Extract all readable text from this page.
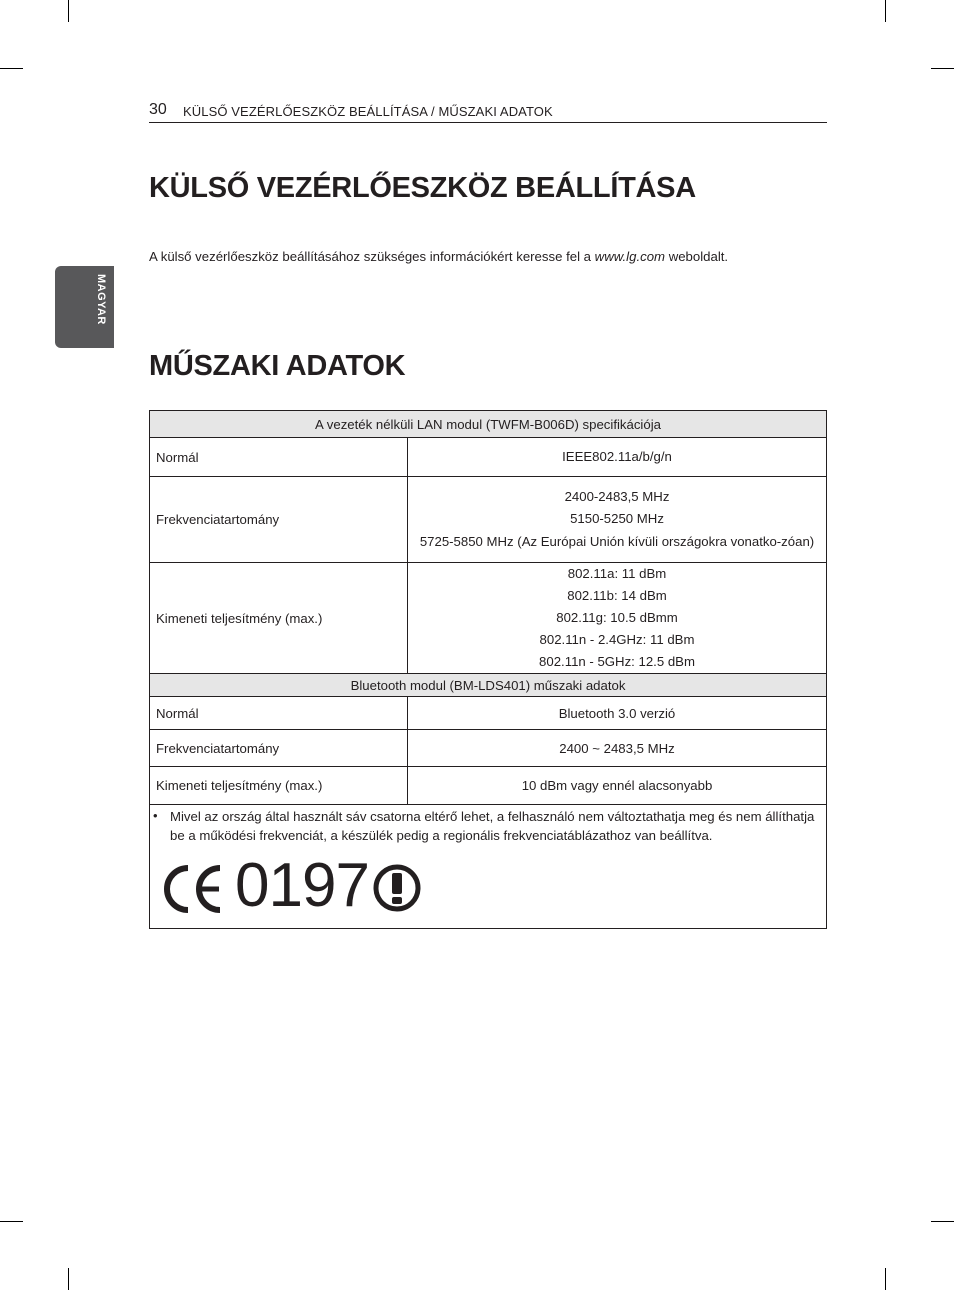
30 KÜLSŐ VEZÉRLŐESZKÖZ BEÁLLÍTÁSA / MŰSZAKI ADATOK
MAGYAR
KÜLSŐ VEZÉRLŐESZKÖZ BEÁLLÍTÁSA
A külső vezérlőeszköz beállításához szükséges információkért keresse fel a www.lg.com weboldalt.
MŰSZAKI ADATOK
A vezeték nélküli LAN modul (TWFM-B006D) specifikációja	
Normál	IEEE802.11a/b/g/n

Frekvenciatartomány	2400-2483,5 MHz
5150-5250 MHz
5725-5850 MHz (Az Európai Unión kívüli országokra vonatko-zóan)

Kimeneti teljesítmény (max.)	802.11a: 11 dBm
802.11b: 14 dBm
802.11g: 10.5 dBmm
802.11n - 2.4GHz: 11 dBm
802.11n - 5GHz: 12.5 dBm

Bluetooth modul (BM-LDS401) műszaki adatok	
Normál	Bluetooth 3.0 verzió
Frekvenciatartomány	2400 ~ 2483,5 MHz
Kimeneti teljesítmény (max.)	10 dBm vagy ennél alacsonyabb
• Mivel az ország által használt sáv csatorna eltérő lehet, a felhasználó nem változtathatja meg és nem állíthatja be a működési frekvenciát, a készülék pedig a regionális frekvenciatáblázathoz van beállítva.
0197
